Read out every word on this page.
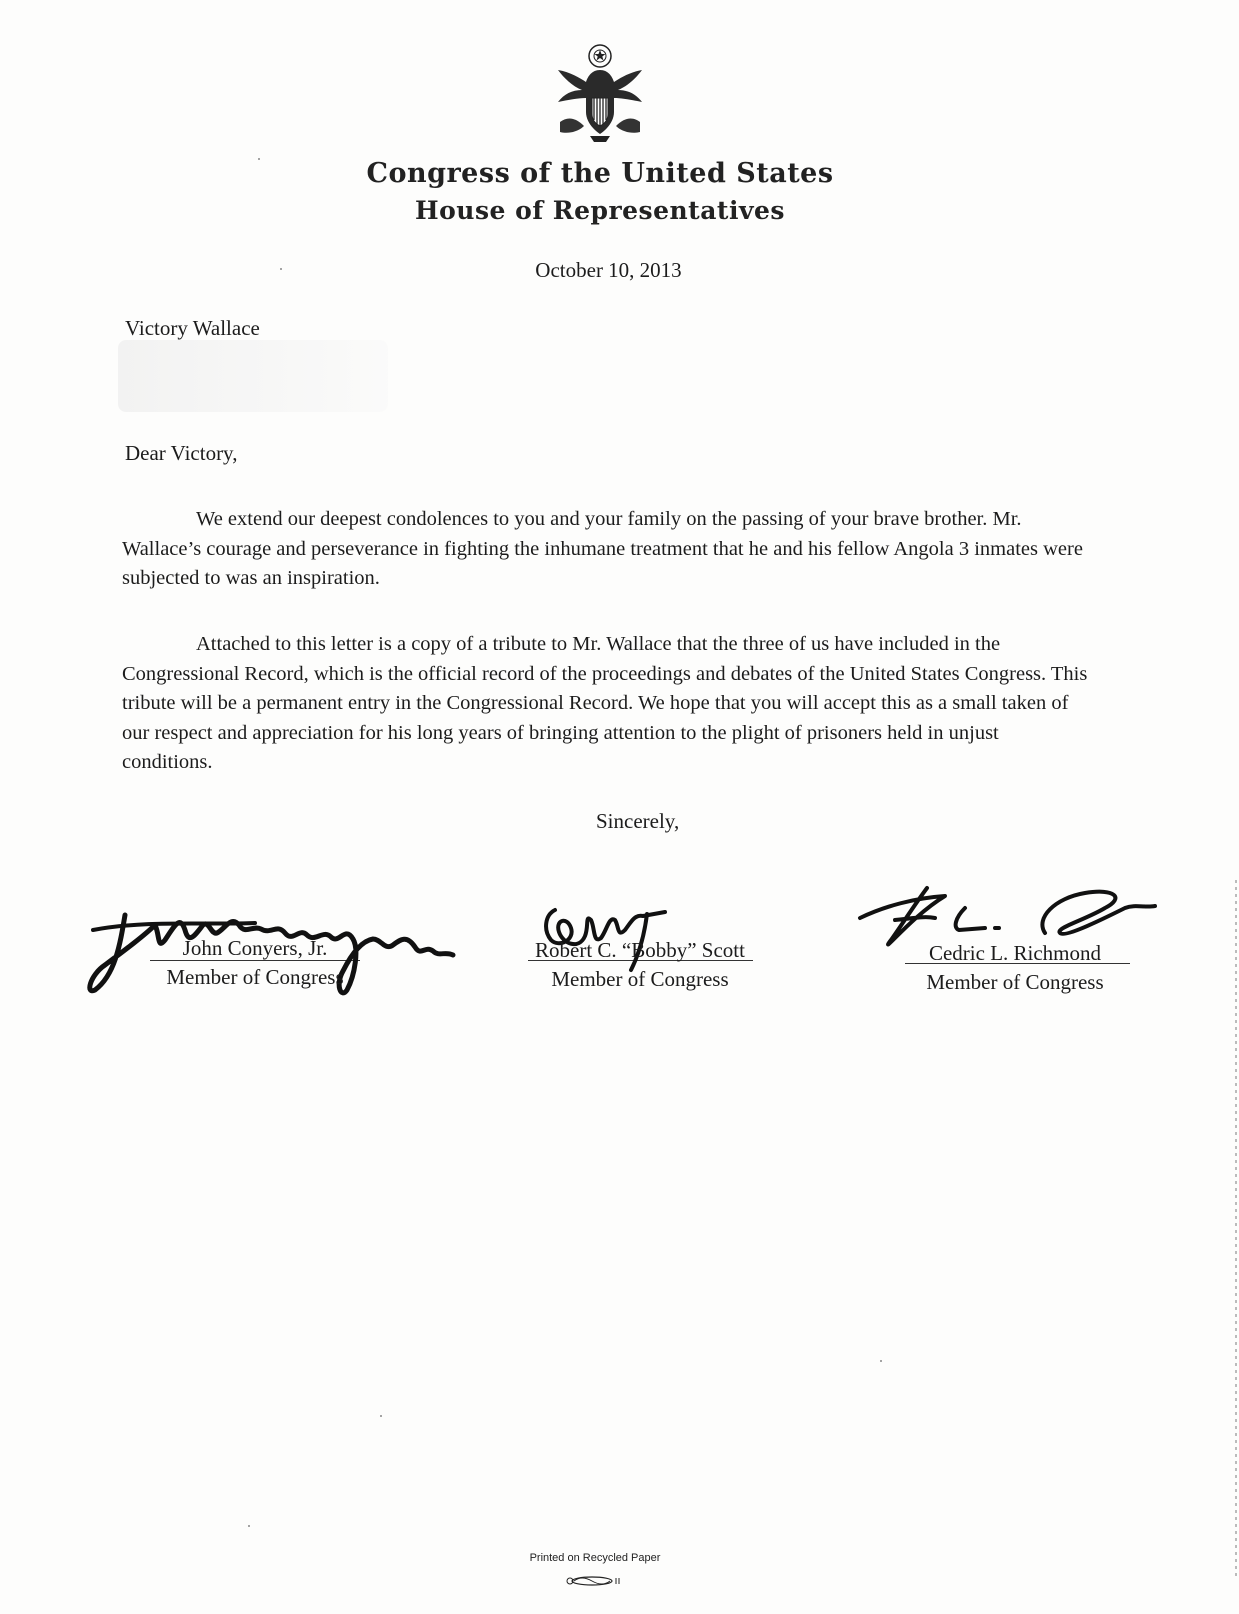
Congress of the United States
House of Representatives
October 10, 2013
Victory Wallace
Dear Victory,
We extend our deepest condolences to you and your family on the passing of your brave brother. Mr. Wallace’s courage and perseverance in fighting the inhumane treatment that he and his fellow Angola 3 inmates were subjected to was an inspiration.
Attached to this letter is a copy of a tribute to Mr. Wallace that the three of us have included in the Congressional Record, which is the official record of the proceedings and debates of the United States Congress. This tribute will be a permanent entry in the Congressional Record. We hope that you will accept this as a small taken of our respect and appreciation for his long years of bringing attention to the plight of prisoners held in unjust conditions.
Sincerely,
John Conyers, Jr.
Member of Congress
Robert C. “Bobby” Scott
Member of Congress
Cedric L. Richmond
Member of Congress
Printed on Recycled Paper
